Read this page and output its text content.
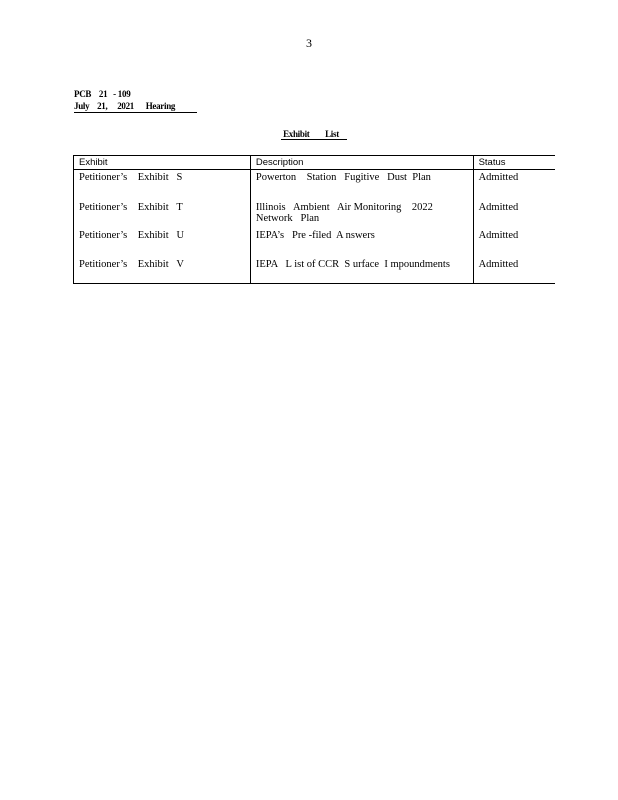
3
PCB    21   - 109
July    21,     2021      Hearing
Exhibit        List
Exhibit	Description	Status
Petitioner’s    Exhibit   S	Powerton    Station   Fugitive   Dust  Plan	Admitted
Petitioner’s    Exhibit   T	Illinois   Ambient   Air Monitoring    2022   Network   Plan	Admitted
Petitioner’s    Exhibit   U	IEPA’s   Pre -filed  A nswers	Admitted
Petitioner’s    Exhibit   V	IEPA   L ist of CCR  S urface  I mpoundments	Admitted
